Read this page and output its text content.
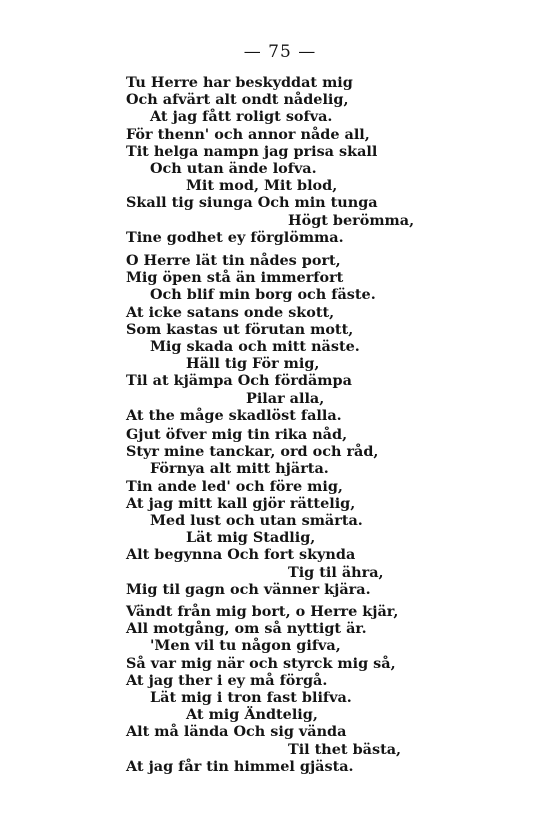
— 75 —
Tu Herre har beskyddat mig
Och afvärt alt ondt nådelig,
At jag fått roligt sofva.
För thenn' och annor nåde all,
Tit helga nampn jag prisa skall
Och utan ände lofva.
Mit mod, Mit blod,
Skall tig siunga Och min tunga
Högt berömma,
Tine godhet ey förglömma.
O Herre lät tin nådes port,
Mig öpen stå än immerfort
Och blif min borg och fäste.
At icke satans onde skott,
Som kastas ut förutan mott,
Mig skada och mitt näste.
Häll tig För mig,
Til at kjämpa Och fördämpa
Pilar alla,
At the måge skadlöst falla.
Gjut öfver mig tin rika nåd,
Styr mine tanckar, ord och råd,
Förnya alt mitt hjärta.
Tin ande led' och före mig,
At jag mitt kall gjör rättelig,
Med lust och utan smärta.
Lät mig Stadlig,
Alt begynna Och fort skynda
Tig til ähra,
Mig til gagn och vänner kjära.
Vändt från mig bort, o Herre kjär,
All motgång, om så nyttigt är.
'Men vil tu någon gifva,
Så var mig när och styrck mig så,
At jag ther i ey må förgå.
Lät mig i tron fast blifva.
At mig Ändtelig,
Alt må lända Och sig vända
Til thet bästa,
At jag får tin himmel gjästa.
